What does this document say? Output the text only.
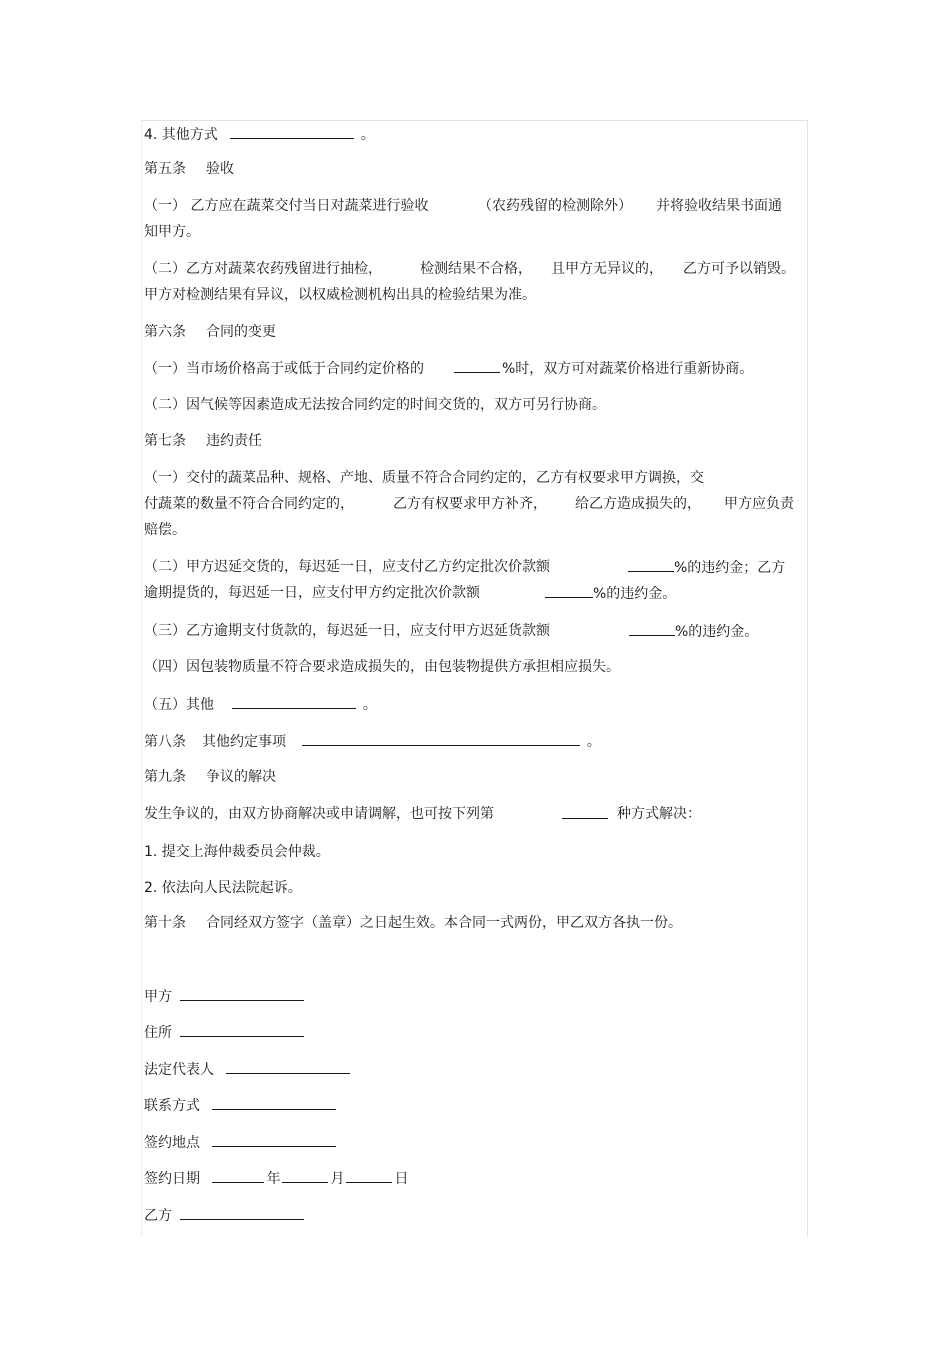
4. 其他方式	。
第五条 验收
（一） 乙方应在蔬菜交付当日对蔬菜进行验收	（农药残留的检测除外） 并将验收结果书面通
知甲方。
（二）乙方对蔬菜农药残留进行抽检，	检测结果不合格， 且甲方无异议的， 乙方可予以销毁。
甲方对检测结果有异议，以权威检测机构出具的检验结果为准。
第六条 合同的变更
（一）当市场价格高于或低于合同约定价格的	%时，双方可对蔬菜价格进行重新协商。
（二）因气候等因素造成无法按合同约定的时间交货的，双方可另行协商。
第七条 违约责任
（一）交付的蔬菜品种、规格、产地、质量不符合合同约定的，乙方有权要求甲方调换，交
付蔬菜的数量不符合合同约定的，	乙方有权要求甲方补齐， 给乙方造成损失的， 甲方应负责
赔偿。
（二）甲方迟延交货的，每迟延一日，应支付乙方约定批次价款额	%的违约金；乙方
逾期提货的，每迟延一日，应支付甲方约定批次价款额	%的违约金。
（三）乙方逾期支付货款的，每迟延一日，应支付甲方迟延货款额	%的违约金。
（四）因包装物质量不符合要求造成损失的，由包装物提供方承担相应损失。
（五）其他	。
第八条 其他约定事项	。
第九条 争议的解决
发生争议的，由双方协商解决或申请调解，也可按下列第	种方式解决：
1. 提交上海仲裁委员会仲裁。
2. 依法向人民法院起诉。
第十条 合同经双方签字（盖章）之日起生效。本合同一式两份，甲乙双方各执一份。
甲方
住所
法定代表人
联系方式
签约地点
签约日期	年	月	日
乙方
